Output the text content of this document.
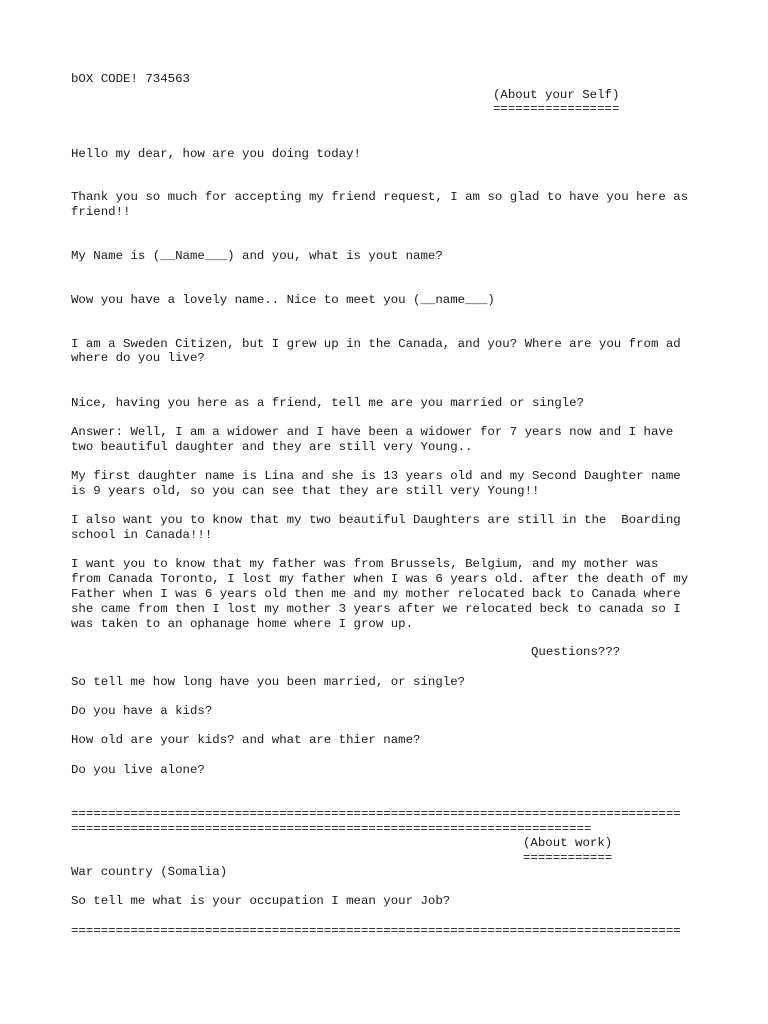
bOX CODE! 734563

(About your Self)

=================

Hello my dear, how are you doing today!

Thank you so much for accepting my friend request, I am so glad to have you here as

friend!!

My Name is (__Name___) and you, what is yout name?

Wow you have a lovely name.. Nice to meet you (__name___)

I am a Sweden Citizen, but I grew up in the Canada, and you? Where are you from ad

where do you live?

Nice, having you here as a friend, tell me are you married or single?

Answer: Well, I am a widower and I have been a widower for 7 years now and I have

two beautiful daughter and they are still very Young..

My first daughter name is Lina and she is 13 years old and my Second Daughter name

is 9 years old, so you can see that they are still very Young!!

I also want you to know that my two beautiful Daughters are still in the  Boarding

school in Canada!!!

I want you to know that my father was from Brussels, Belgium, and my mother was

from Canada Toronto, I lost my father when I was 6 years old. after the death of my

Father when I was 6 years old then me and my mother relocated back to Canada where

she came from then I lost my mother 3 years after we relocated beck to canada so I

was taken to an ophanage home where I grow up.

Questions???

So tell me how long have you been married, or single?

Do you have a kids?

How old are your kids? and what are thier name?

Do you live alone?

==================================================================================

======================================================================

(About work)

============

War country (Somalia)

So tell me what is your occupation I mean your Job?

==================================================================================
